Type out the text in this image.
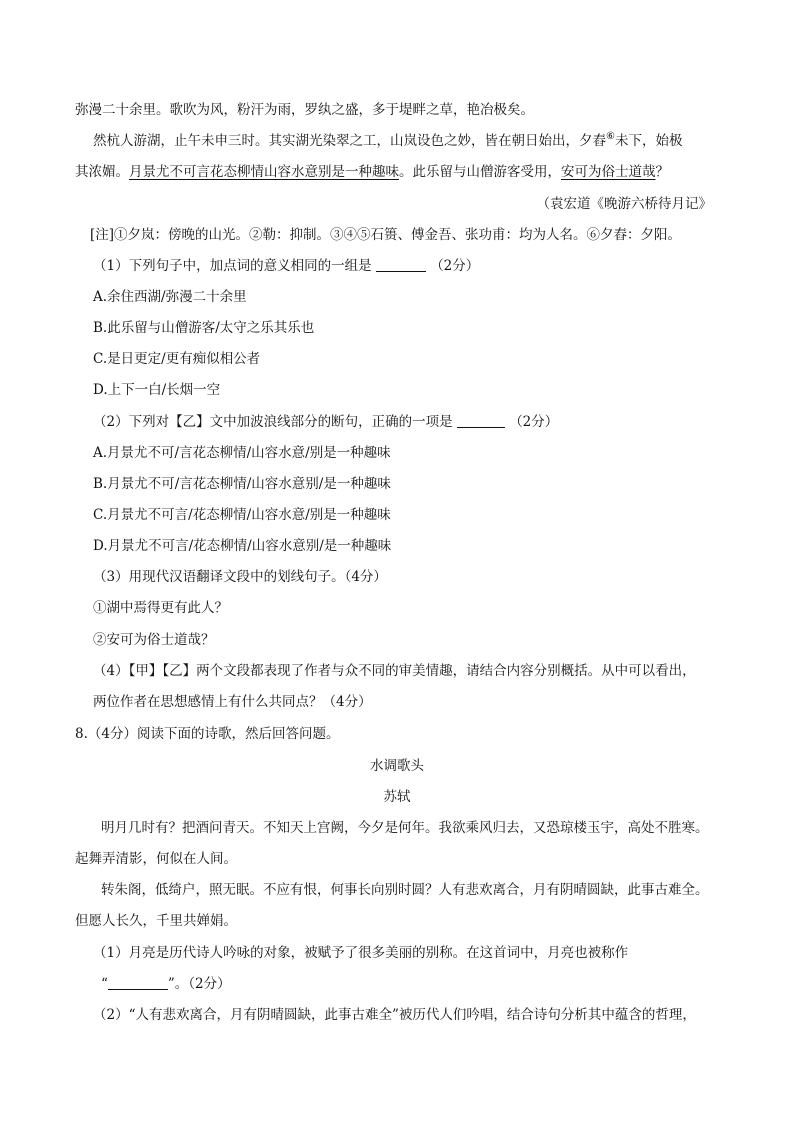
弥漫二十余里。歌吹为风，粉汗为雨，罗纨之盛，多于堤畔之草，艳冶极矣。
然杭人游湖，止午未申三时。其实湖光染翠之工，山岚设色之妙，皆在朝日始出，夕舂⑥未下，始极
其浓媚。月景尤不可言花态柳情山容水意别是一种趣味。此乐留与山僧游客受用，安可为俗士道哉？
（袁宏道《晚游六桥待月记》
[注]①夕岚：傍晚的山光。②勒：抑制。③④⑤石篑、傅金吾、张功甫：均为人名。⑥夕舂：夕阳。
（1）下列句子中，加点词的意义相同的一组是	（2分）
A.余住西湖/弥漫二十余里
B.此乐留与山僧游客/太守之乐其乐也
C.是日更定/更有痴似相公者
D.上下一白/长烟一空
（2）下列对【乙】文中加波浪线部分的断句，正确的一项是	（2分）
A.月景尤不可/言花态柳情/山容水意/别是一种趣味
B.月景尤不可/言花态柳情/山容水意别/是一种趣味
C.月景尤不可言/花态柳情/山容水意/别是一种趣味
D.月景尤不可言/花态柳情/山容水意别/是一种趣味
（3）用现代汉语翻译文段中的划线句子。（4分）
①湖中焉得更有此人？
②安可为俗士道哉？
（4）【甲】【乙】两个文段都表现了作者与众不同的审美情趣，请结合内容分别概括。从中可以看出，
两位作者在思想感情上有什么共同点？（4分）
8.（4分）阅读下面的诗歌，然后回答问题。
水调歌头
苏轼
明月几时有？把酒问青天。不知天上宫阙，今夕是何年。我欲乘风归去，又恐琼楼玉宇，高处不胜寒。
起舞弄清影，何似在人间。
转朱阁，低绮户，照无眠。不应有恨，何事长向别时圆？人有悲欢离合，月有阴晴圆缺，此事古难全。
但愿人长久，千里共婵娟。
（1）月亮是历代诗人吟咏的对象，被赋予了很多美丽的别称。在这首词中，月亮也被称作
“	”。（2分）
（2）“人有悲欢离合，月有阴晴圆缺，此事古难全”被历代人们吟唱，结合诗句分析其中蕴含的哲理，
